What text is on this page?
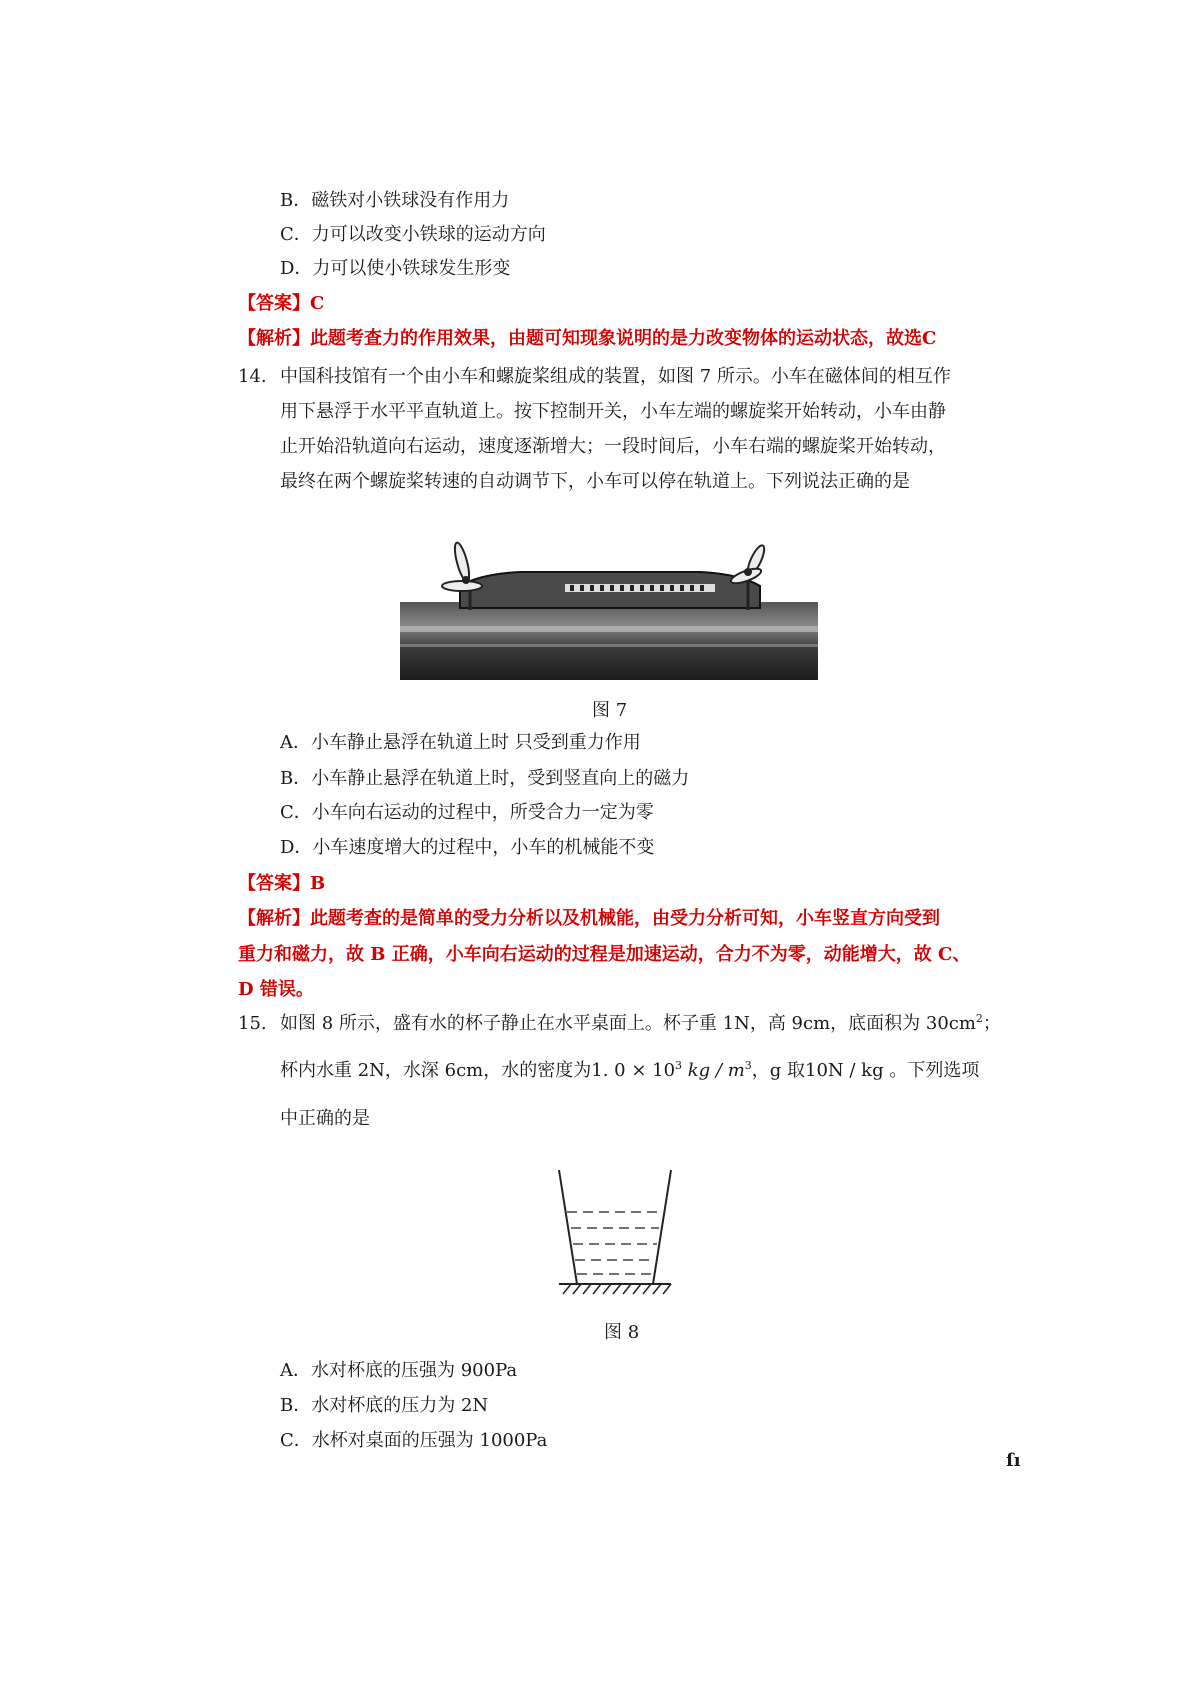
B．磁铁对小铁球没有作用力
C．力可以改变小铁球的运动方向
D．力可以使小铁球发生形变
【答案】C
【解析】此题考查力的作用效果，由题可知现象说明的是力改变物体的运动状态，故选C
14. 中国科技馆有一个由小车和螺旋桨组成的装置，如图 7 所示。小车在磁体间的相互作
用下悬浮于水平平直轨道上。按下控制开关，小车左端的螺旋桨开始转动，小车由静
止开始沿轨道向右运动，速度逐渐增大；一段时间后，小车右端的螺旋桨开始转动，
最终在两个螺旋桨转速的自动调节下，小车可以停在轨道上。下列说法正确的是
图 7
A．小车静止悬浮在轨道上时 只受到重力作用
B．小车静止悬浮在轨道上时，受到竖直向上的磁力
C．小车向右运动的过程中，所受合力一定为零
D．小车速度增大的过程中，小车的机械能不变
【答案】B
【解析】此题考查的是简单的受力分析以及机械能，由受力分析可知，小车竖直方向受到
重力和磁力，故 B 正确，小车向右运动的过程是加速运动，合力不为零，动能增大，故 C、
D 错误。
15. 如图 8 所示，盛有水的杯子静止在水平桌面上。杯子重 1N，高 9cm，底面积为 $30cm^2$；
杯内水重 2N，水深 6cm，水的密度为1. $0 \times 10^3$ kg / $m^3$，g 取10N / kg 。下列选项
中正确的是
图 8
A．水对杯底的压强为 900Pa
B．水对杯底的压力为 2N
C．水杯对桌面的压强为 1000Pa
ſı
